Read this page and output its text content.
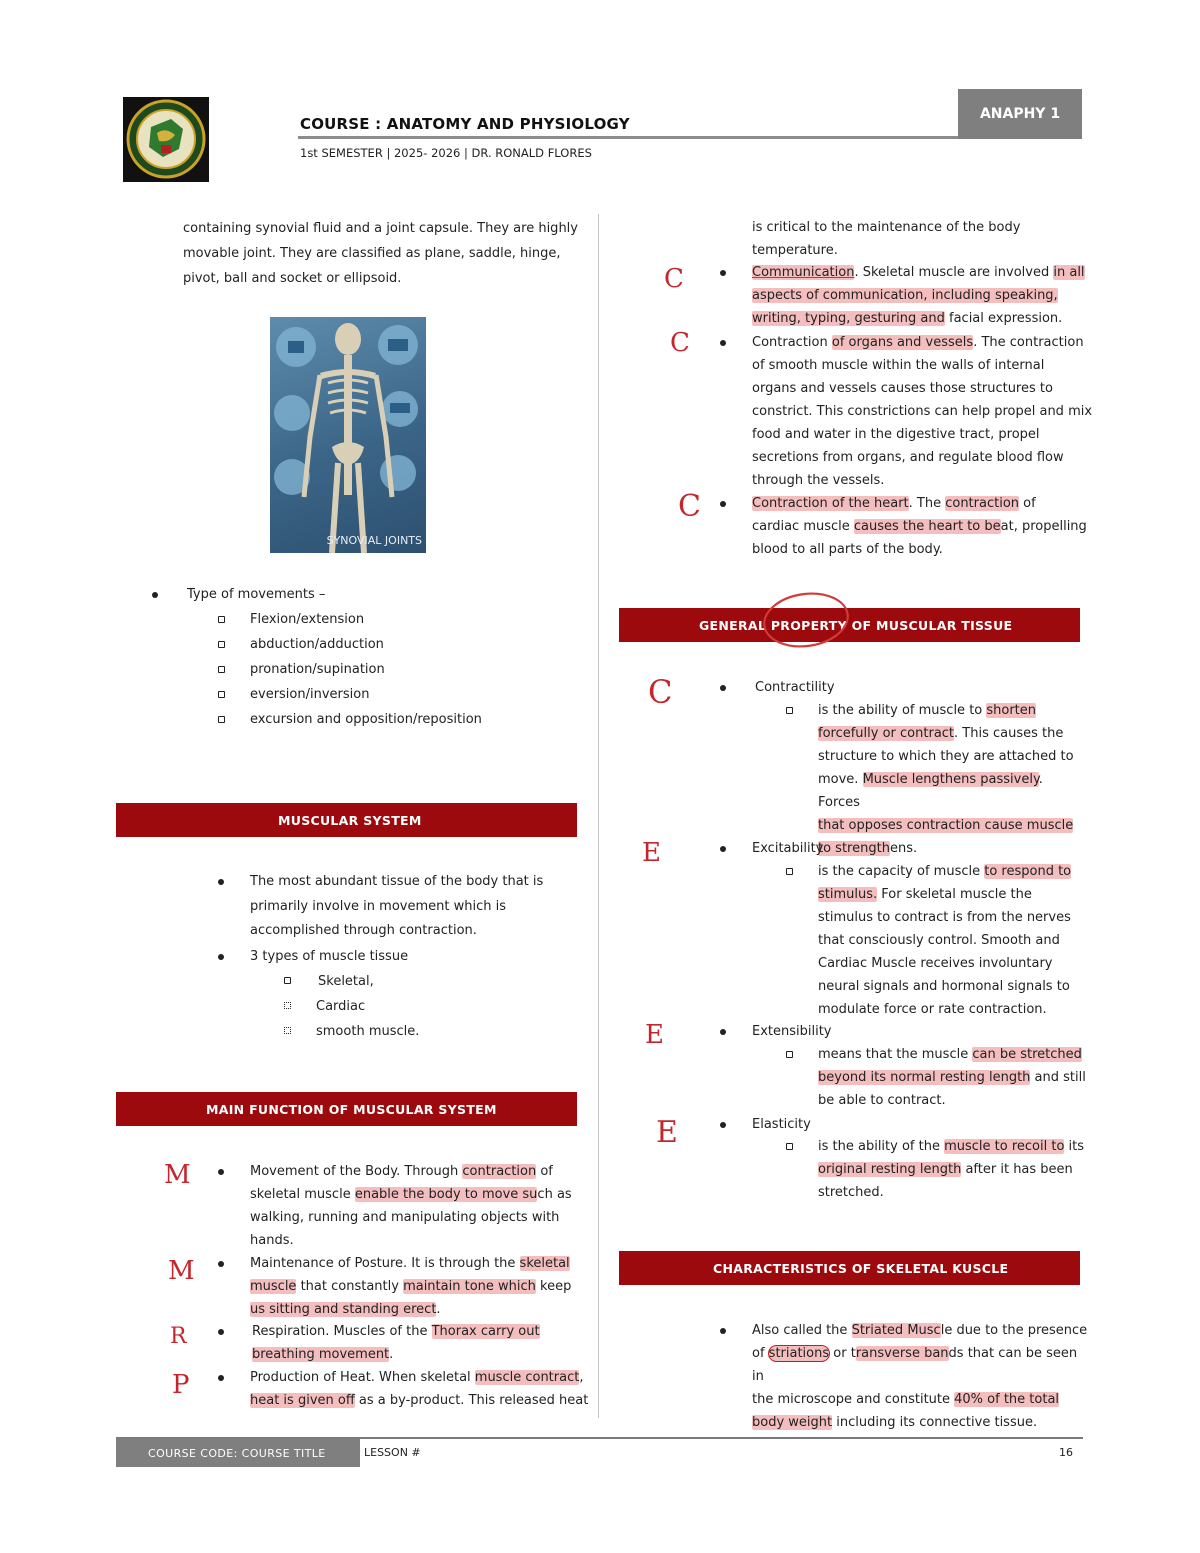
COURSE : ANATOMY AND PHYSIOLOGY
1st SEMESTER | 2025- 2026 | DR. RONALD FLORES
ANAPHY 1
containing synovial fluid and a joint capsule. They are highly
movable joint. They are classified as plane, saddle, hinge,
pivot, ball and socket or ellipsoid.
SYNOVIAL JOINTS
Type of movements –
Flexion/extension
abduction/adduction
pronation/supination
eversion/inversion
excursion and opposition/reposition
MUSCULAR SYSTEM
The most abundant tissue of the body that is
primarily involve in movement which is
accomplished through contraction.
3 types of muscle tissue
Skeletal,
Cardiac
smooth muscle.
MAIN FUNCTION OF MUSCULAR SYSTEM
M
M
R
P
Movement of the Body. Through contraction of
skeletal muscle enable the body to move such as
walking, running and manipulating objects with
hands.
Maintenance of Posture. It is through the skeletal
muscle that constantly maintain tone which keep
us sitting and standing erect.
Respiration. Muscles of the Thorax carry out
breathing movement.
Production of Heat. When skeletal muscle contract,
heat is given off as a by-product. This released heat
is critical to the maintenance of the body
temperature.
C
C
C
Communication. Skeletal muscle are involved in all
aspects of communication, including speaking,
writing, typing, gesturing and facial expression.
Contraction of organs and vessels. The contraction
of smooth muscle within the walls of internal
organs and vessels causes those structures to
constrict. This constrictions can help propel and mix
food and water in the digestive tract, propel
secretions from organs, and regulate blood flow
through the vessels.
Contraction of the heart. The contraction of
cardiac muscle causes the heart to beat, propelling
blood to all parts of the body.
GENERAL PROPERTY OF MUSCULAR TISSUE
C
E
E
E
Contractility
is the ability of muscle to shorten
forcefully or contract. This causes the
structure to which they are attached to
move. Muscle lengthens passively. Forces
that opposes contraction cause muscle
to strengthens.
Excitability
is the capacity of muscle to respond to
stimulus. For skeletal muscle the
stimulus to contract is from the nerves
that consciously control. Smooth and
Cardiac Muscle receives involuntary
neural signals and hormonal signals to
modulate force or rate contraction.
Extensibility
means that the muscle can be stretched
beyond its normal resting length and still
be able to contract.
Elasticity
is the ability of the muscle to recoil to its
original resting length after it has been
stretched.
CHARACTERISTICS OF SKELETAL KUSCLE
Also called the Striated Muscle due to the presence
of striations or transverse bands that can be seen in
the microscope and constitute 40% of the total
body weight including its connective tissue.
COURSE CODE: COURSE TITLE	LESSON #	16
